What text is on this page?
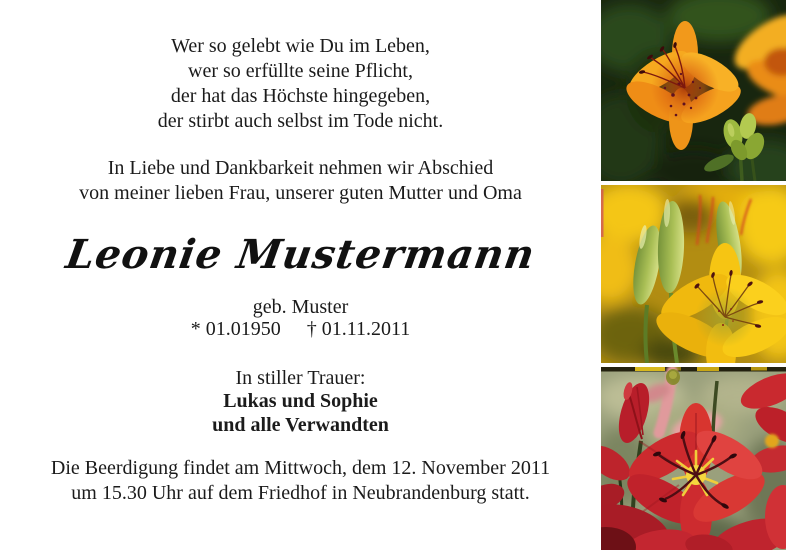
Wer so gelebt wie Du im Leben,
wer so erfüllte seine Pflicht,
der hat das Höchste hingegeben,
der stirbt auch selbst im Tode nicht.
In Liebe und Dankbarkeit nehmen wir Abschied
von meiner lieben Frau, unserer guten Mutter und Oma
Leonie Mustermann
geb. Muster
* 01.01950 † 01.11.2011
In stiller Trauer:
Lukas und Sophie
und alle Verwandten
Die Beerdigung findet am Mittwoch, dem 12. November 2011
um 15.30 Uhr auf dem Friedhof in Neubrandenburg statt.
